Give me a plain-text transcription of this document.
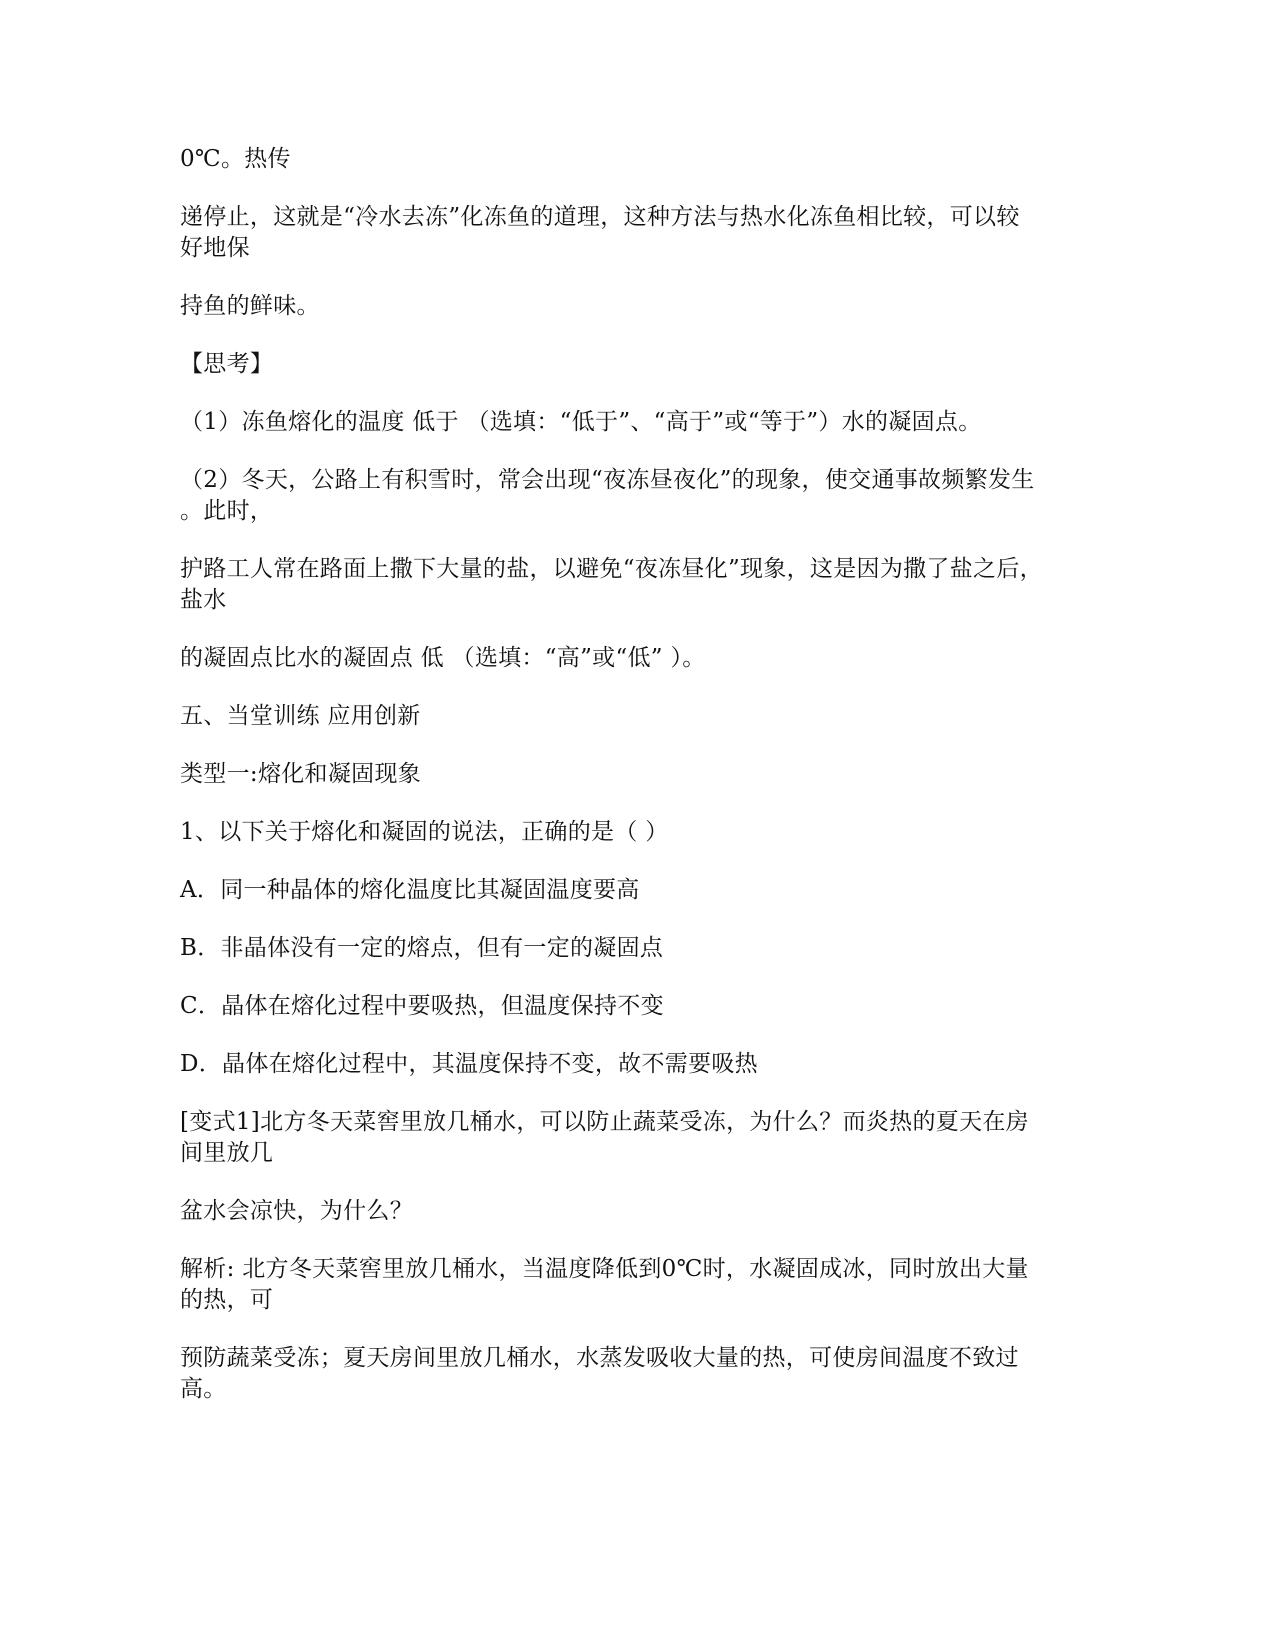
0℃。热传
递停止，这就是“冷水去冻”化冻鱼的道理，这种方法与热水化冻鱼相比较，可以较
好地保
持鱼的鲜味。
【思考】
（1）冻鱼熔化的温度 低于 （选填：“低于”、“高于”或“等于”）水的凝固点。
（2）冬天，公路上有积雪时，常会出现“夜冻昼夜化”的现象，使交通事故频繁发生
。此时，
护路工人常在路面上撒下大量的盐，以避免“夜冻昼化”现象，这是因为撒了盐之后，
盐水
的凝固点比水的凝固点 低 （选填：“高”或“低” ）。
五、当堂训练 应用创新
类型一:熔化和凝固现象
1、以下关于熔化和凝固的说法，正确的是（ ）
A．同一种晶体的熔化温度比其凝固温度要高
B．非晶体没有一定的熔点，但有一定的凝固点
C．晶体在熔化过程中要吸热，但温度保持不变
D．晶体在熔化过程中，其温度保持不变，故不需要吸热
[变式1]北方冬天菜窖里放几桶水，可以防止蔬菜受冻，为什么？而炎热的夏天在房
间里放几
盆水会凉快，为什么？
解析: 北方冬天菜窖里放几桶水，当温度降低到0℃时，水凝固成冰，同时放出大量
的热，可
预防蔬菜受冻；夏天房间里放几桶水，水蒸发吸收大量的热，可使房间温度不致过
高。
